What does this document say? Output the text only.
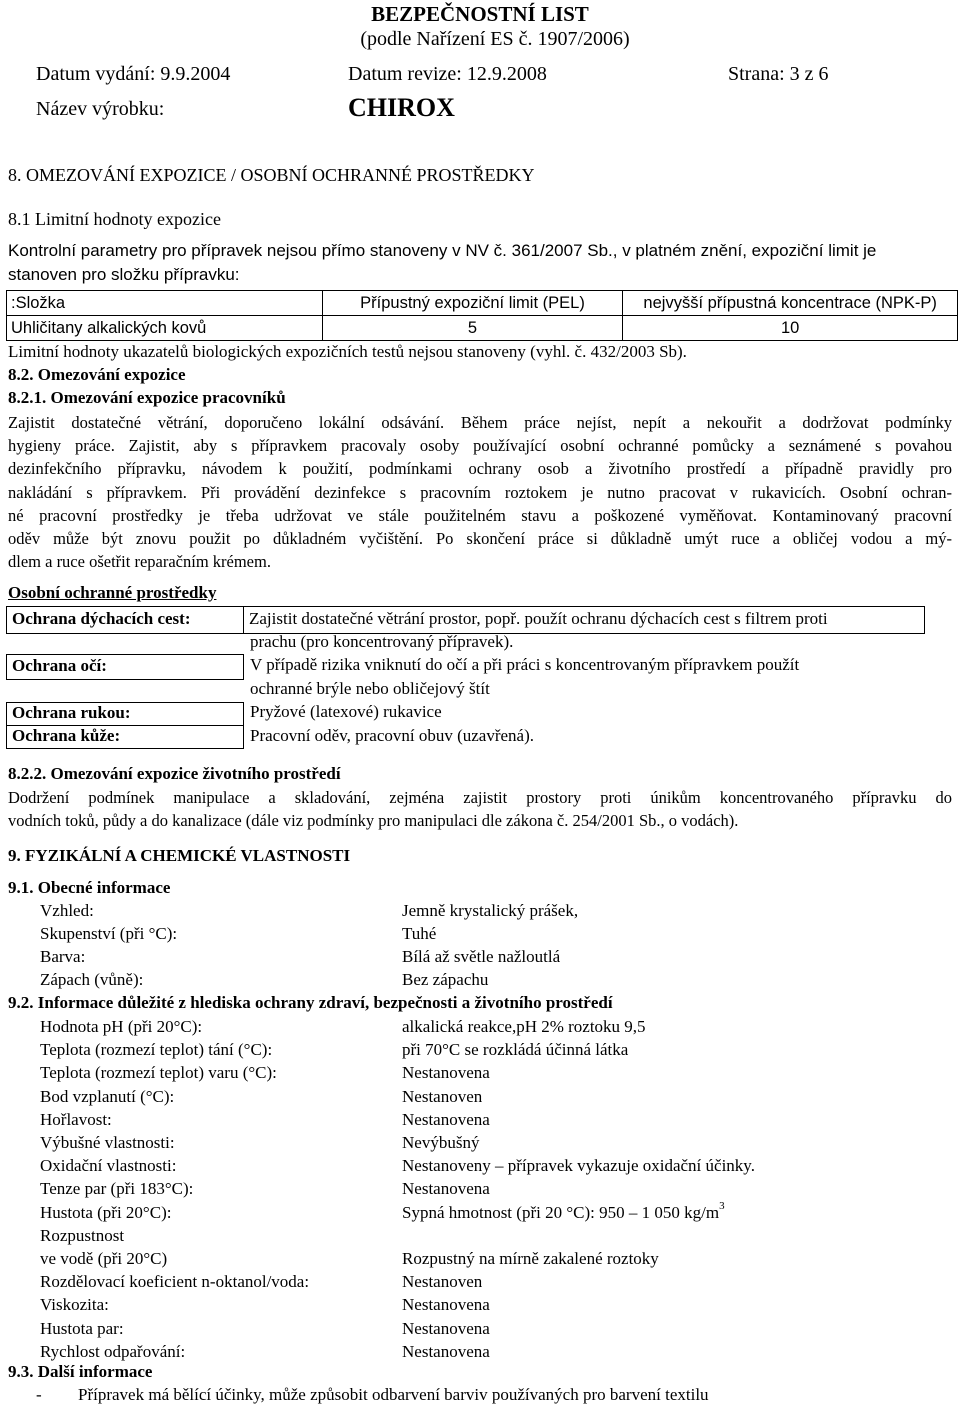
BEZPEČNOSTNÍ LIST
(podle Nařízení ES č. 1907/2006)
Datum vydání: 9.9.2004	Datum revize: 12.9.2008	Strana: 3 z 6
Název výrobku:	CHIROX
8. OMEZOVÁNÍ EXPOZICE / OSOBNÍ OCHRANNÉ PROSTŘEDKY
8.1 Limitní hodnoty expozice
Kontrolní parametry pro přípravek nejsou přímo stanoveny v NV č. 361/2007 Sb., v platném znění, expoziční limit je
stanoven pro složku přípravku:
:Složka	Přípustný expoziční limit (PEL)	nejvyšší přípustná koncentrace (NPK-P)
Uhličitany alkalických kovů	5	10
Limitní hodnoty ukazatelů biologických expozičních testů nejsou stanoveny (vyhl. č. 432/2003 Sb).
8.2. Omezování expozice
8.2.1. Omezování expozice pracovníků
Zajistit dostatečné větrání, doporučeno lokální odsávání. Během práce nejíst, nepít a nekouřit a dodržovat podmínky
hygieny práce. Zajistit, aby s přípravkem pracovaly osoby používající osobní ochranné pomůcky a seznámené s povahou
dezinfekčního přípravku, návodem k použití, podmínkami ochrany osob a životního prostředí a případně pravidly pro
nakládání s přípravkem. Při provádění dezinfekce s pracovním roztokem je nutno pracovat v rukavicích. Osobní ochran-
né pracovní prostředky je třeba udržovat ve stále použitelném stavu a poškozené vyměňovat. Kontaminovaný pracovní
oděv může být znovu použit po důkladném vyčištění. Po skončení práce si důkladně umýt ruce a obličej vodou a mý-
dlem a ruce ošetřit reparačním krémem.
Osobní ochranné prostředky
Ochrana dýchacích cest:	Zajistit dostatečné větrání prostor, popř. použít ochranu dýchacích cest s filtrem proti
prachu (pro koncentrovaný přípravek).
Ochrana očí:	V případě rizika vniknutí do očí a při práci s koncentrovaným přípravkem použít
ochranné brýle nebo obličejový štít
Ochrana rukou:	Pryžové (latexové) rukavice
Ochrana kůže:	Pracovní oděv, pracovní obuv (uzavřená).
8.2.2. Omezování expozice životního prostředí
Dodržení podmínek manipulace a skladování, zejména zajistit prostory proti únikům koncentrovaného přípravku do
vodních toků, půdy a do kanalizace (dále viz podmínky pro manipulaci dle zákona č. 254/2001 Sb., o vodách).
9. FYZIKÁLNÍ A CHEMICKÉ VLASTNOSTI
9.1. Obecné informace
Vzhled:	Jemně krystalický prášek,
Skupenství (při °C):	Tuhé
Barva:	Bílá až světle nažloutlá
Zápach (vůně):	Bez zápachu
9.2. Informace důležité z hlediska ochrany zdraví, bezpečnosti a životního prostředí
Hodnota pH (při 20°C):	alkalická reakce,pH 2% roztoku 9,5
Teplota (rozmezí teplot) tání (°C):	při 70°C se rozkládá účinná látka
Teplota (rozmezí teplot) varu (°C):	Nestanovena
Bod vzplanutí (°C):	Nestanoven
Hořlavost:	Nestanovena
Výbušné vlastnosti:	Nevýbušný
Oxidační vlastnosti:	Nestanoveny – přípravek vykazuje oxidační účinky.
Tenze par (při 183°C):	Nestanovena
Hustota (při 20°C):	Sypná hmotnost (při 20 °C): 950 – 1 050 $kg/m^3$
Rozpustnost
ve vodě (při 20°C)	Rozpustný na mírně zakalené roztoky
Rozdělovací koeficient n-oktanol/voda:	Nestanoven
Viskozita:	Nestanovena
Hustota par:	Nestanovena
Rychlost odpařování:	Nestanovena
9.3. Další informace
- Přípravek má bělící účinky, může způsobit odbarvení barviv používaných pro barvení textilu
